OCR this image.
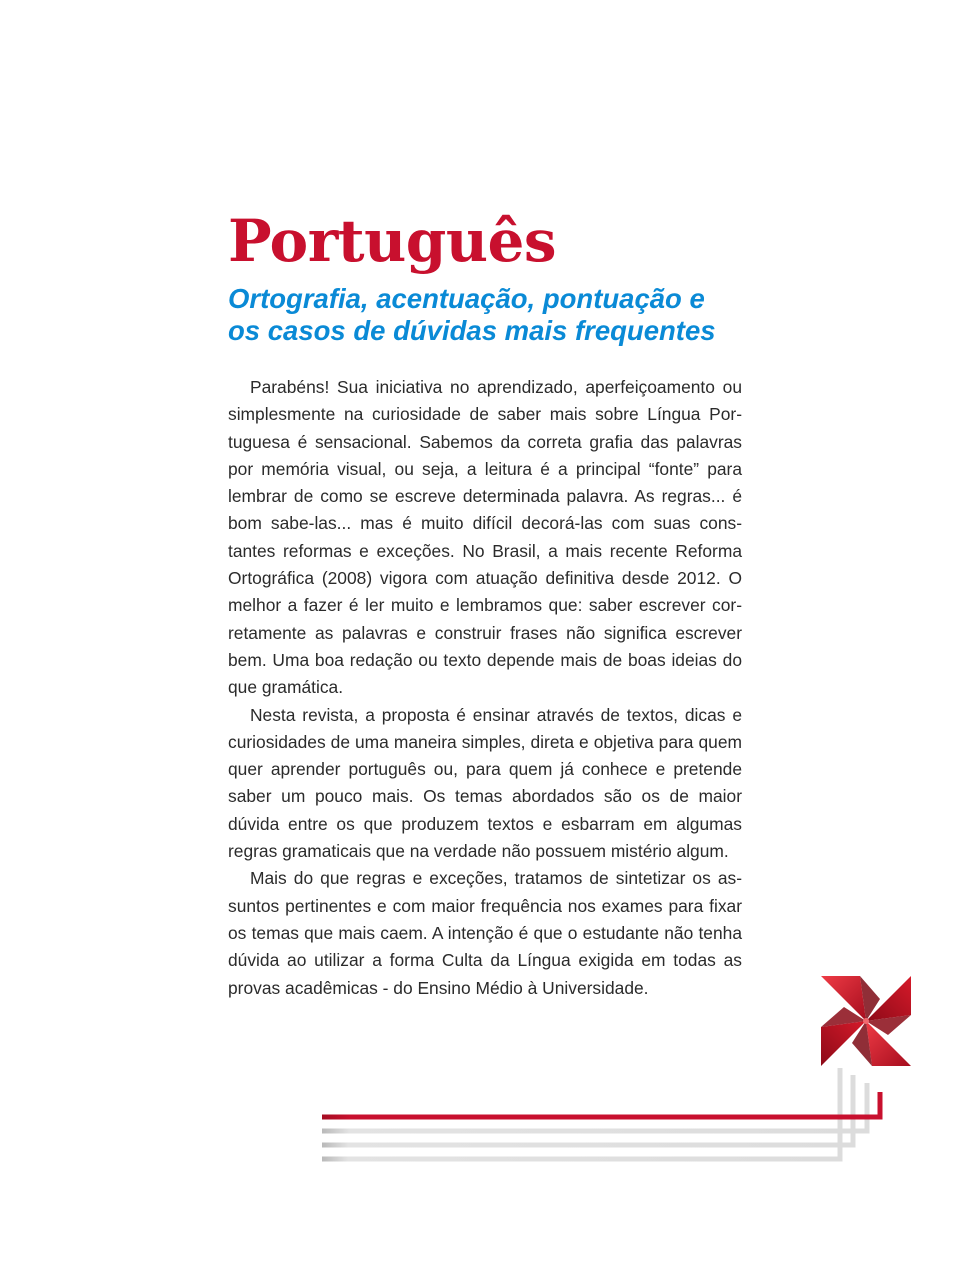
Português
Ortografia, acentuação, pontuação e
os casos de dúvidas mais frequentes

Parabéns! Sua iniciativa no aprendizado, aperfeiçoamento ou simplesmente na curiosidade de saber mais sobre Língua Portuguesa é sensacional. Sabemos da correta grafia das palavras por memória visual, ou seja, a leitura é a principal “fonte” para lembrar de como se escreve determinada palavra. As regras... é bom sabe-las... mas é muito difícil decorá-las com suas constantes reformas e exceções. No Brasil, a mais recente Reforma Ortográfica (2008) vigora com atuação definitiva desde 2012. O melhor a fazer é ler muito e lembramos que: saber escrever corretamente as palavras e construir frases não significa escrever bem. Uma boa redação ou texto depende mais de boas ideias do que gramática.

Nesta revista, a proposta é ensinar através de textos, dicas e curiosidades de uma maneira simples, direta e objetiva para quem quer aprender português ou, para quem já conhece e pretende saber um pouco mais. Os temas abordados são os de maior dúvida entre os que produzem textos e esbarram em algumas regras gramaticais que na verdade não possuem mistério algum.

Mais do que regras e exceções, tratamos de sintetizar os assuntos pertinentes e com maior frequência nos exames para fixar os temas que mais caem. A intenção é que o estudante não tenha dúvida ao utilizar a forma Culta da Língua exigida em todas as provas acadêmicas - do Ensino Médio à Universidade.
